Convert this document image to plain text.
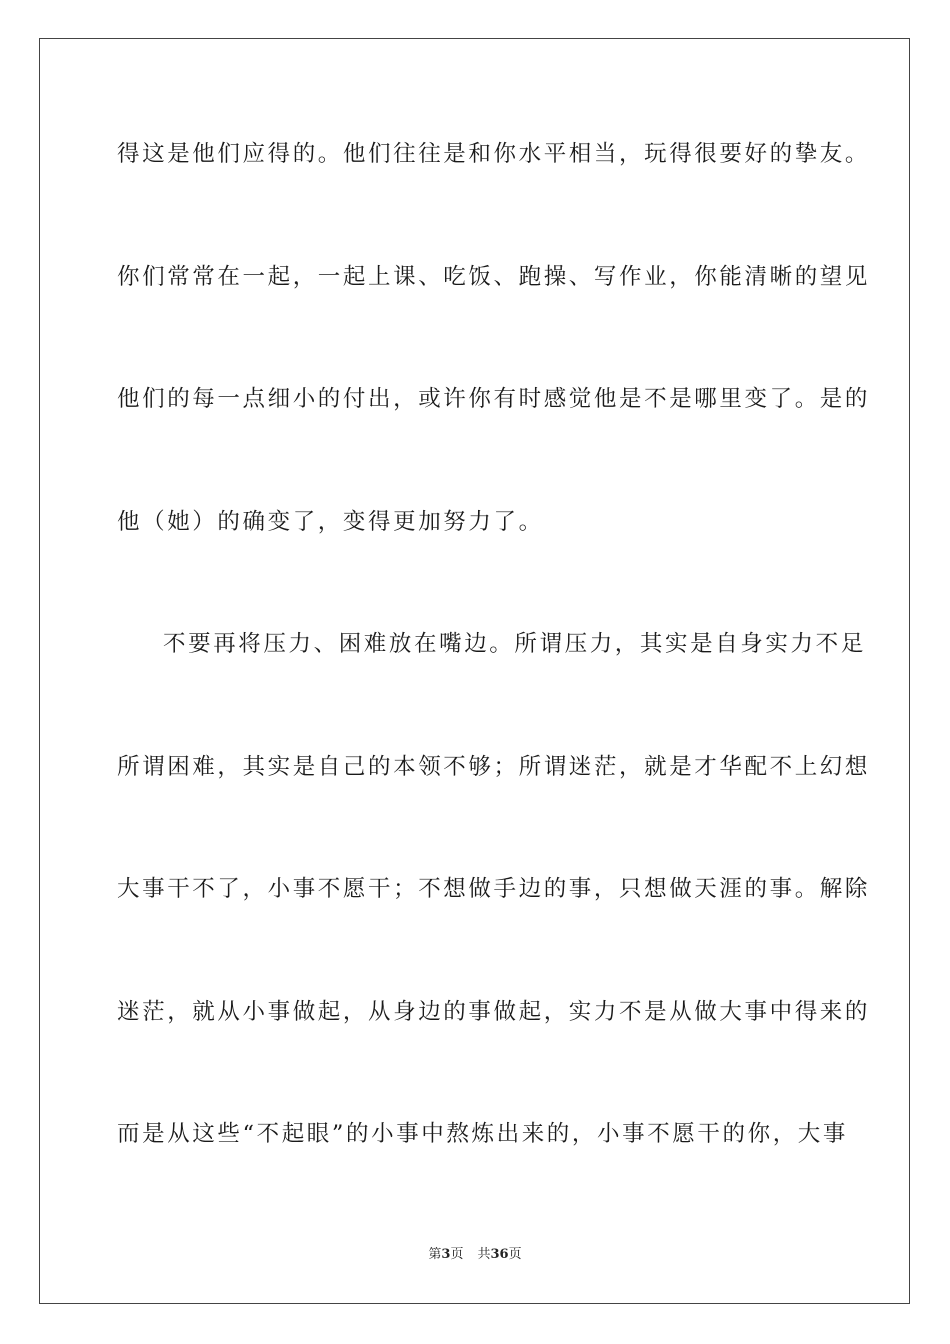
得这是他们应得的。他们往往是和你水平相当，玩得很要好的挚友。
你们常常在一起，一起上课、吃饭、跑操、写作业，你能清晰的望见
他们的每一点细小的付出，或许你有时感觉他是不是哪里变了。是的
他（她）的确变了，变得更加努力了。
不要再将压力、困难放在嘴边。所谓压力，其实是自身实力不足
所谓困难，其实是自己的本领不够；所谓迷茫，就是才华配不上幻想
大事干不了，小事不愿干；不想做手边的事，只想做天涯的事。解除
迷茫，就从小事做起，从身边的事做起，实力不是从做大事中得来的
而是从这些“不起眼”的小事中熬炼出来的，小事不愿干的你，大事
第3页 共36页
